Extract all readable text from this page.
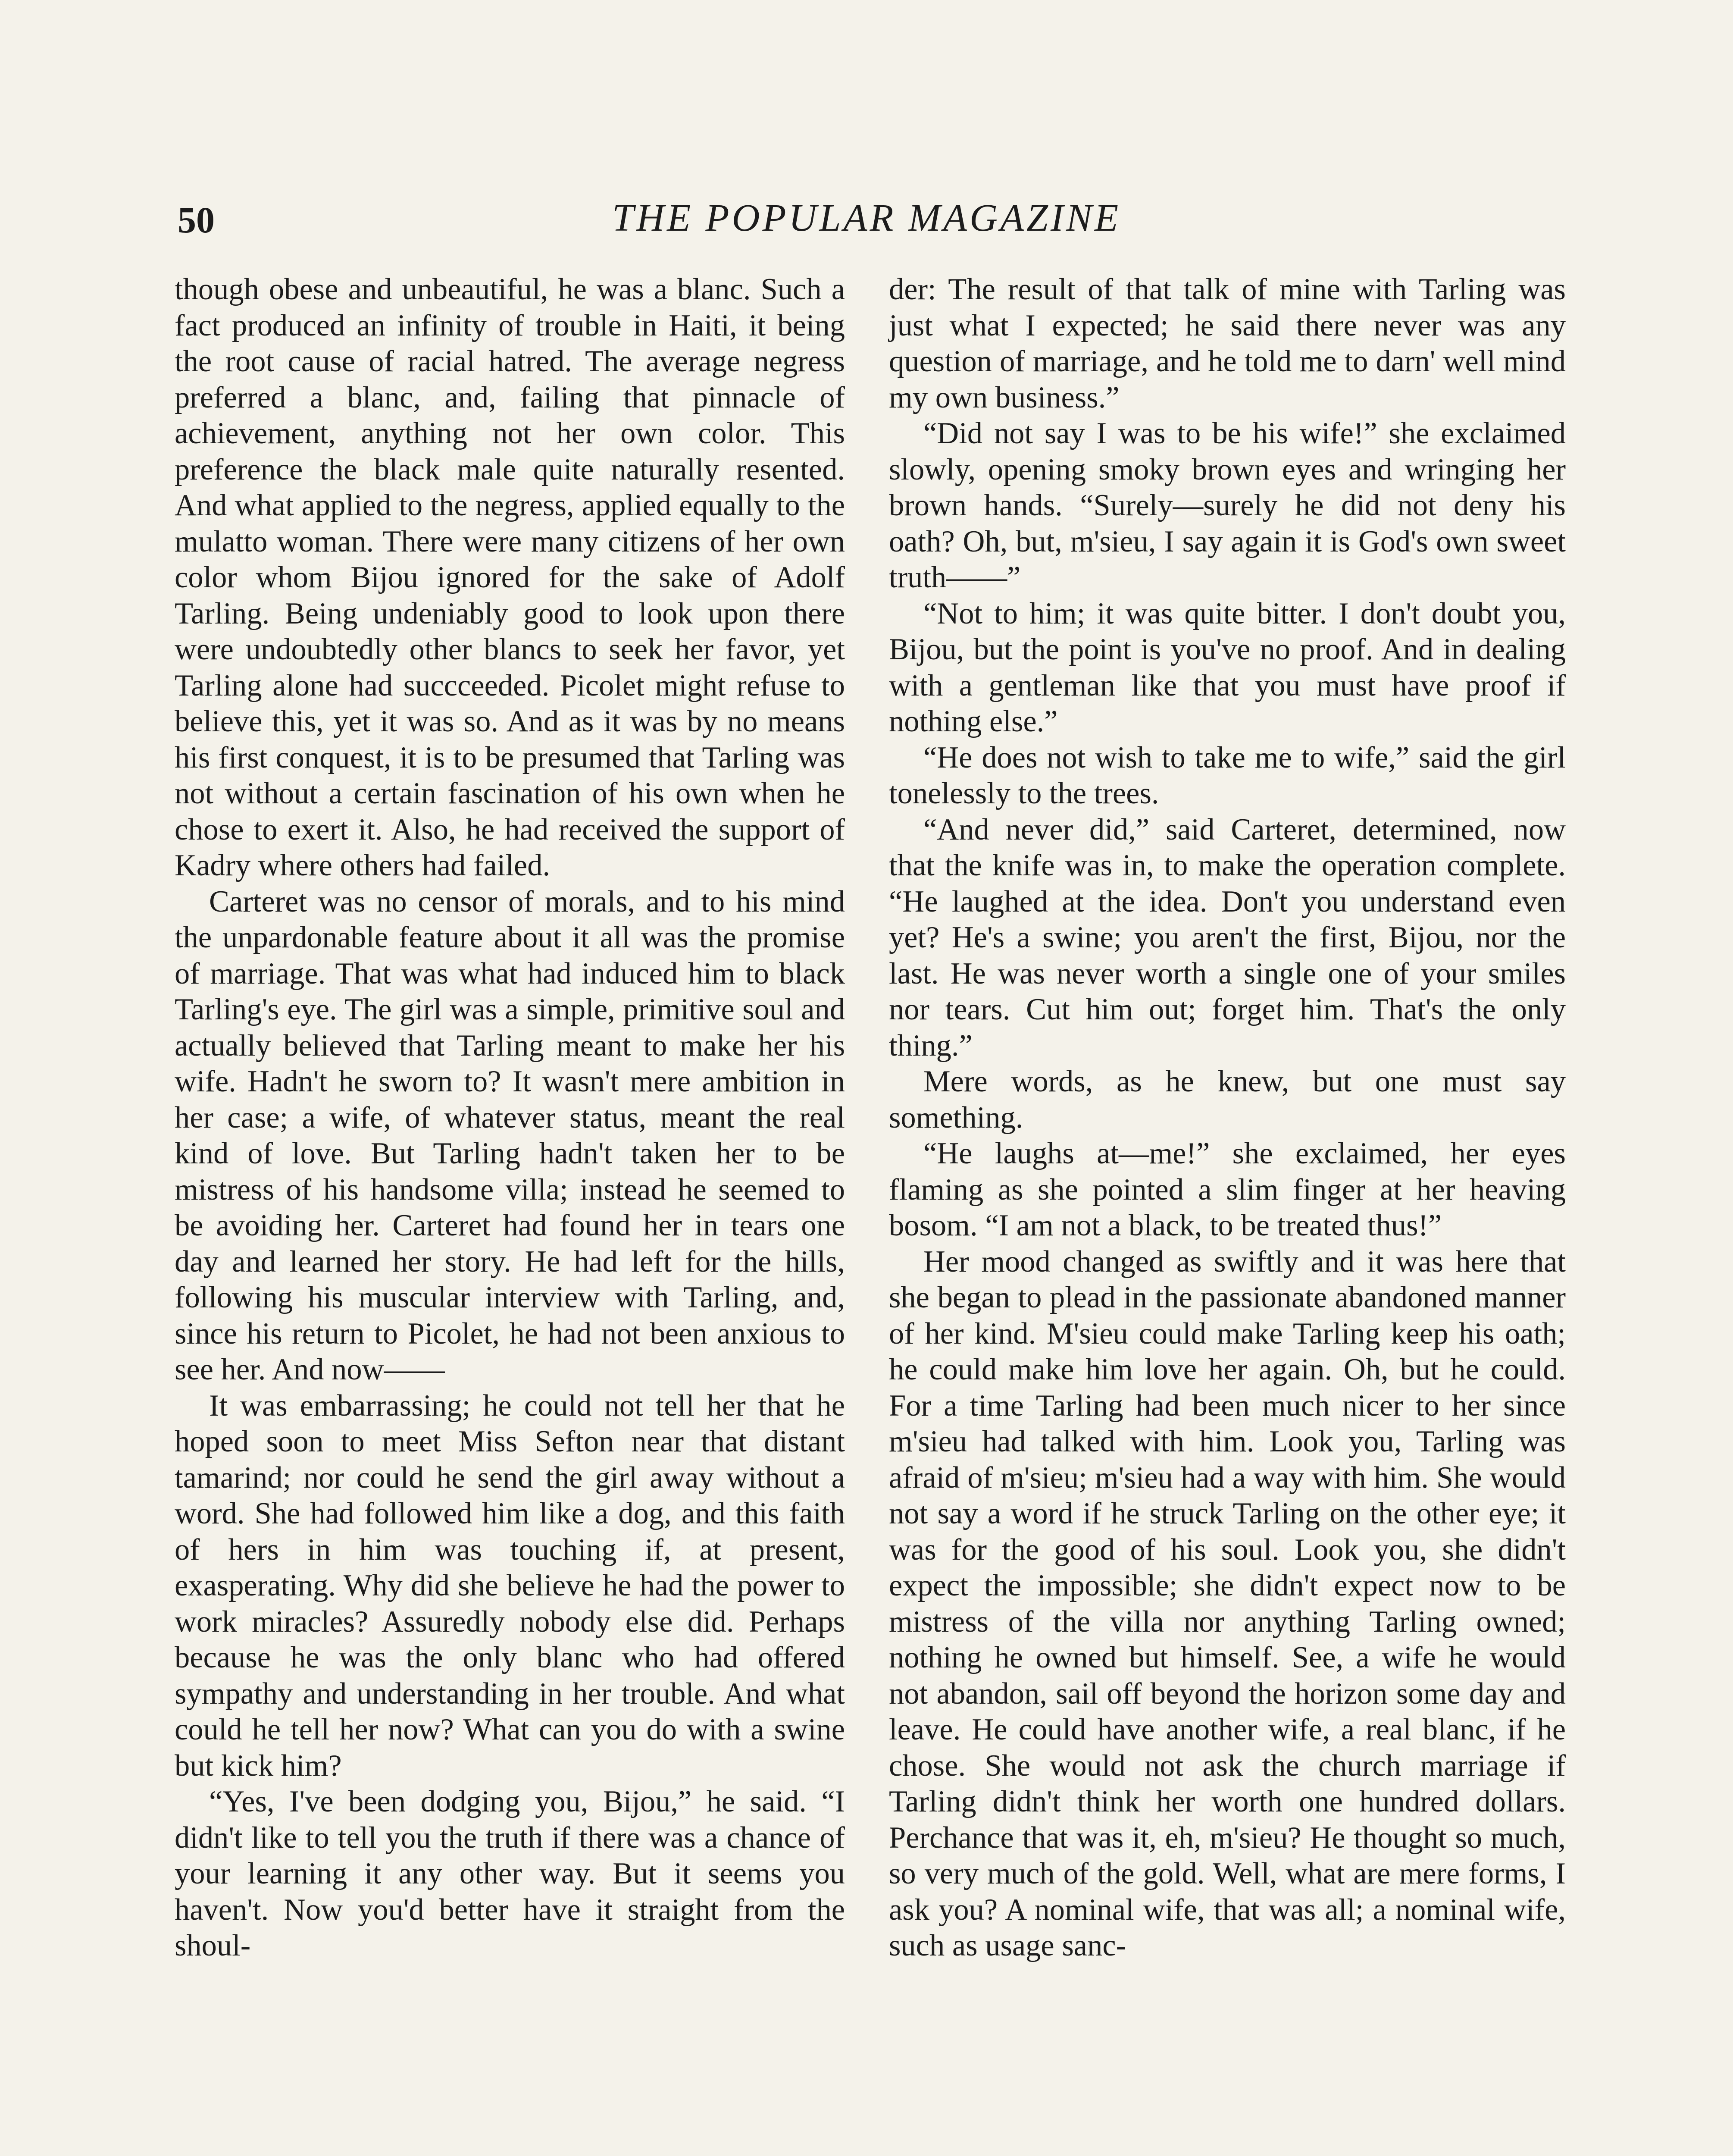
50	THE POPULAR MAGAZINE

though obese and unbeautiful, he was a blanc. Such a fact produced an infinity of trouble in Haiti, it being the root cause of racial hatred. The average negress preferred a blanc, and, failing that pinnacle of achievement, anything not her own color. This preference the black male quite naturally resented. And what applied to the negress, applied equally to the mulatto woman. There were many citizens of her own color whom Bijou ignored for the sake of Adolf Tarling. Being undeniably good to look upon there were undoubtedly other blancs to seek her favor, yet Tarling alone had succceeded. Picolet might refuse to believe this, yet it was so. And as it was by no means his first conquest, it is to be presumed that Tarling was not without a certain fascination of his own when he chose to exert it. Also, he had received the support of Kadry where others had failed.

Carteret was no censor of morals, and to his mind the unpardonable feature about it all was the promise of marriage. That was what had induced him to black Tarling's eye. The girl was a simple, primitive soul and actually believed that Tarling meant to make her his wife. Hadn't he sworn to? It wasn't mere ambition in her case; a wife, of whatever status, meant the real kind of love. But Tarling hadn't taken her to be mistress of his handsome villa; instead he seemed to be avoiding her. Carteret had found her in tears one day and learned her story. He had left for the hills, following his muscular interview with Tarling, and, since his return to Picolet, he had not been anxious to see her. And now——

It was embarrassing; he could not tell her that he hoped soon to meet Miss Sefton near that distant tamarind; nor could he send the girl away without a word. She had followed him like a dog, and this faith of hers in him was touching if, at present, exasperating. Why did she believe he had the power to work miracles? Assuredly nobody else did. Perhaps because he was the only blanc who had offered sympathy and understanding in her trouble. And what could he tell her now? What can you do with a swine but kick him?

“Yes, I've been dodging you, Bijou,” he said. “I didn't like to tell you the truth if there was a chance of your learning it any other way. But it seems you haven't. Now you'd better have it straight from the shoul-

der: The result of that talk of mine with Tarling was just what I expected; he said there never was any question of marriage, and he told me to darn' well mind my own business.”

“Did not say I was to be his wife!” she exclaimed slowly, opening smoky brown eyes and wringing her brown hands. “Surely—surely he did not deny his oath? Oh, but, m'sieu, I say again it is God's own sweet truth——”

“Not to him; it was quite bitter. I don't doubt you, Bijou, but the point is you've no proof. And in dealing with a gentleman like that you must have proof if nothing else.”

“He does not wish to take me to wife,” said the girl tonelessly to the trees.

“And never did,” said Carteret, determined, now that the knife was in, to make the operation complete. “He laughed at the idea. Don't you understand even yet? He's a swine; you aren't the first, Bijou, nor the last. He was never worth a single one of your smiles nor tears. Cut him out; forget him. That's the only thing.”

Mere words, as he knew, but one must say something.

“He laughs at—me!” she exclaimed, her eyes flaming as she pointed a slim finger at her heaving bosom. “I am not a black, to be treated thus!”

Her mood changed as swiftly and it was here that she began to plead in the passionate abandoned manner of her kind. M'sieu could make Tarling keep his oath; he could make him love her again. Oh, but he could. For a time Tarling had been much nicer to her since m'sieu had talked with him. Look you, Tarling was afraid of m'sieu; m'sieu had a way with him. She would not say a word if he struck Tarling on the other eye; it was for the good of his soul. Look you, she didn't expect the impossible; she didn't expect now to be mistress of the villa nor anything Tarling owned; nothing he owned but himself. See, a wife he would not abandon, sail off beyond the horizon some day and leave. He could have another wife, a real blanc, if he chose. She would not ask the church marriage if Tarling didn't think her worth one hundred dollars. Perchance that was it, eh, m'sieu? He thought so much, so very much of the gold. Well, what are mere forms, I ask you? A nominal wife, that was all; a nominal wife, such as usage sanc-
